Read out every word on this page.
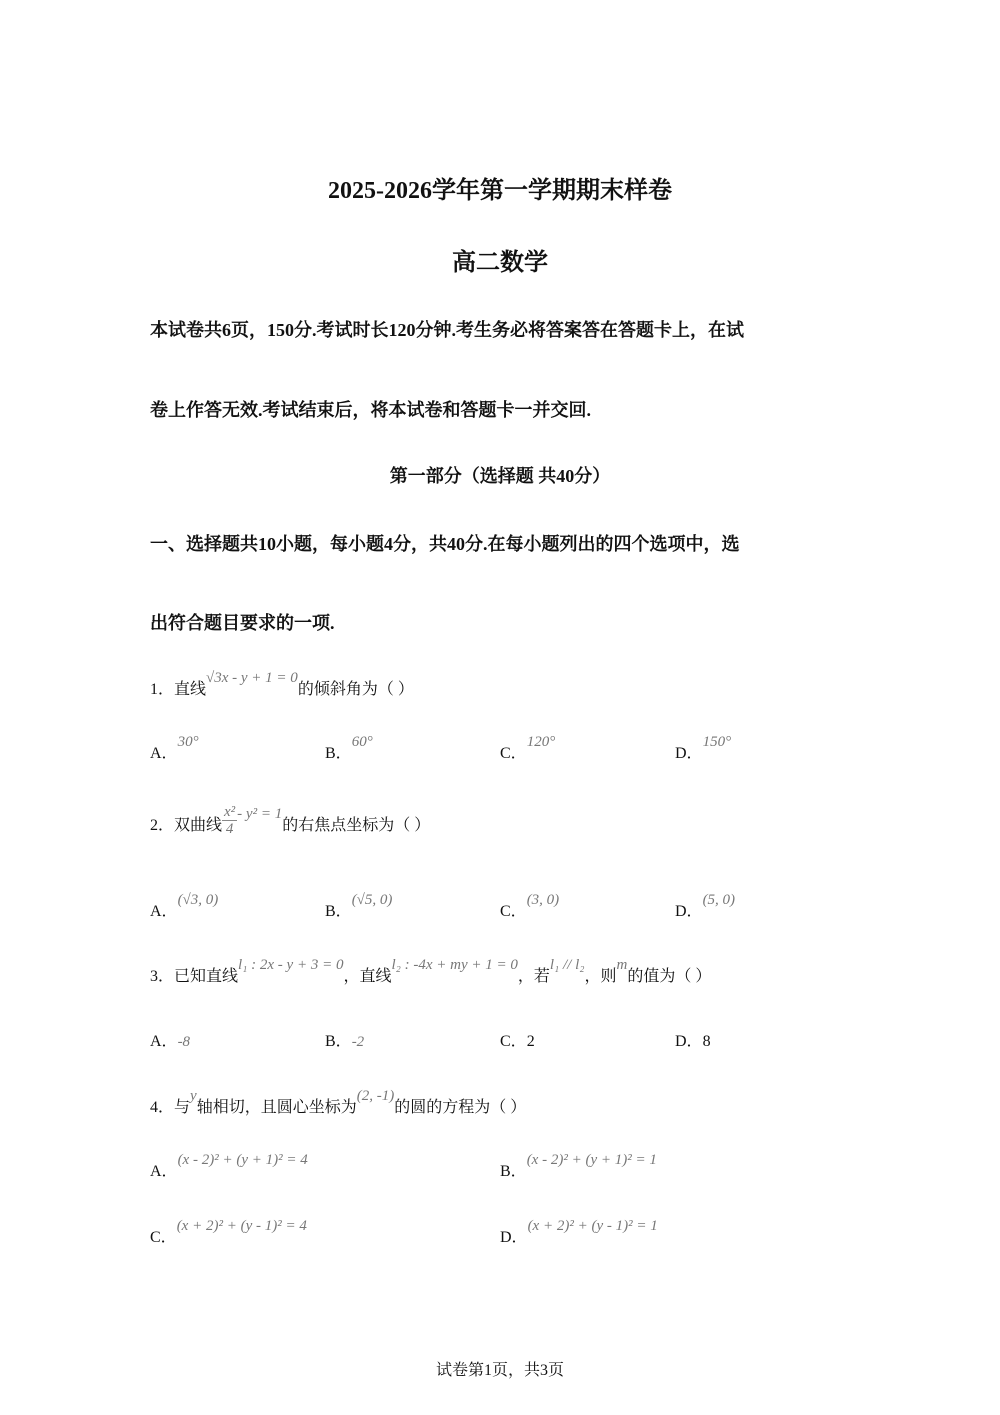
2025-2026学年第一学期期末样卷
高二数学
本试卷共6页，150分.考试时长120分钟.考生务必将答案答在答题卡上，在试
卷上作答无效.考试结束后，将本试卷和答题卡一并交回.
第一部分（选择题 共40分）
一、选择题共10小题，每小题4分，共40分.在每小题列出的四个选项中，选
出符合题目要求的一项.
1．直线√3x - y + 1 = 0的倾斜角为（ ）
A．30°
B．60°
C．120°
D．150°
2．双曲线 $\frac{\text{x²}}{4} - y^2 = 1$的右焦点坐标为（ ）
A．(√3, 0)
B．(√5, 0)
C．(3, 0)
D．(5, 0)
3．已知直线l₁ : 2x - y + 3 = 0，直线l₂ : -4x + my + 1 = 0，若l₁ // l₂，则m的值为（ ）
A．-8	B．-2	C．2	D．8
4．与y轴相切，且圆心坐标为(2, -1)的圆的方程为（ ）
A．(x - 2)² + (y + 1)² = 4
B．(x - 2)² + (y + 1)² = 1
C．(x + 2)² + (y - 1)² = 4
D．(x + 2)² + (y - 1)² = 1
试卷第1页，共3页
